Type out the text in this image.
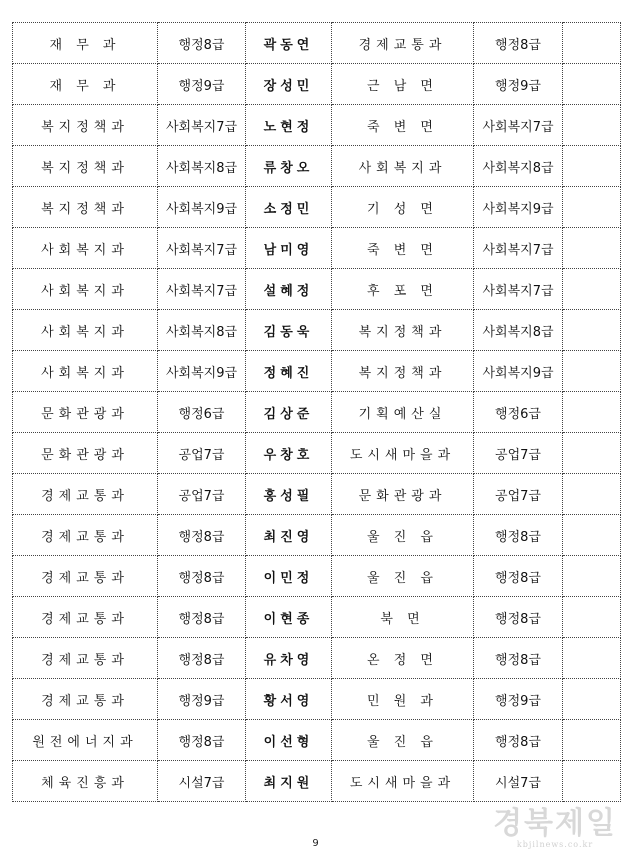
재 무 과	행정8급	곽동연	경제교통과	행정8급	
재 무 과	행정9급	장성민	근 남 면	행정9급	
복지정책과	사회복지7급	노현정	죽 변 면	사회복지7급	
복지정책과	사회복지8급	류창오	사회복지과	사회복지8급	
복지정책과	사회복지9급	소정민	기 성 면	사회복지9급	
사회복지과	사회복지7급	남미영	죽 변 면	사회복지7급	
사회복지과	사회복지7급	설혜정	후 포 면	사회복지7급	
사회복지과	사회복지8급	김동욱	복지정책과	사회복지8급	
사회복지과	사회복지9급	정혜진	복지정책과	사회복지9급	
문화관광과	행정6급	김상준	기획예산실	행정6급	
문화관광과	공업7급	우창호	도시새마을과	공업7급	
경제교통과	공업7급	홍성필	문화관광과	공업7급	
경제교통과	행정8급	최진영	울 진 읍	행정8급	
경제교통과	행정8급	이민정	울 진 읍	행정8급	
경제교통과	행정8급	이현종	북 면	행정8급	
경제교통과	행정8급	유차영	온 정 면	행정8급	
경제교통과	행정9급	황서영	민 원 과	행정9급	
원전에너지과	행정8급	이선형	울 진 읍	행정8급	
체육진흥과	시설7급	최지원	도시새마을과	시설7급	
9
경북제일
kbjilnews.co.kr
